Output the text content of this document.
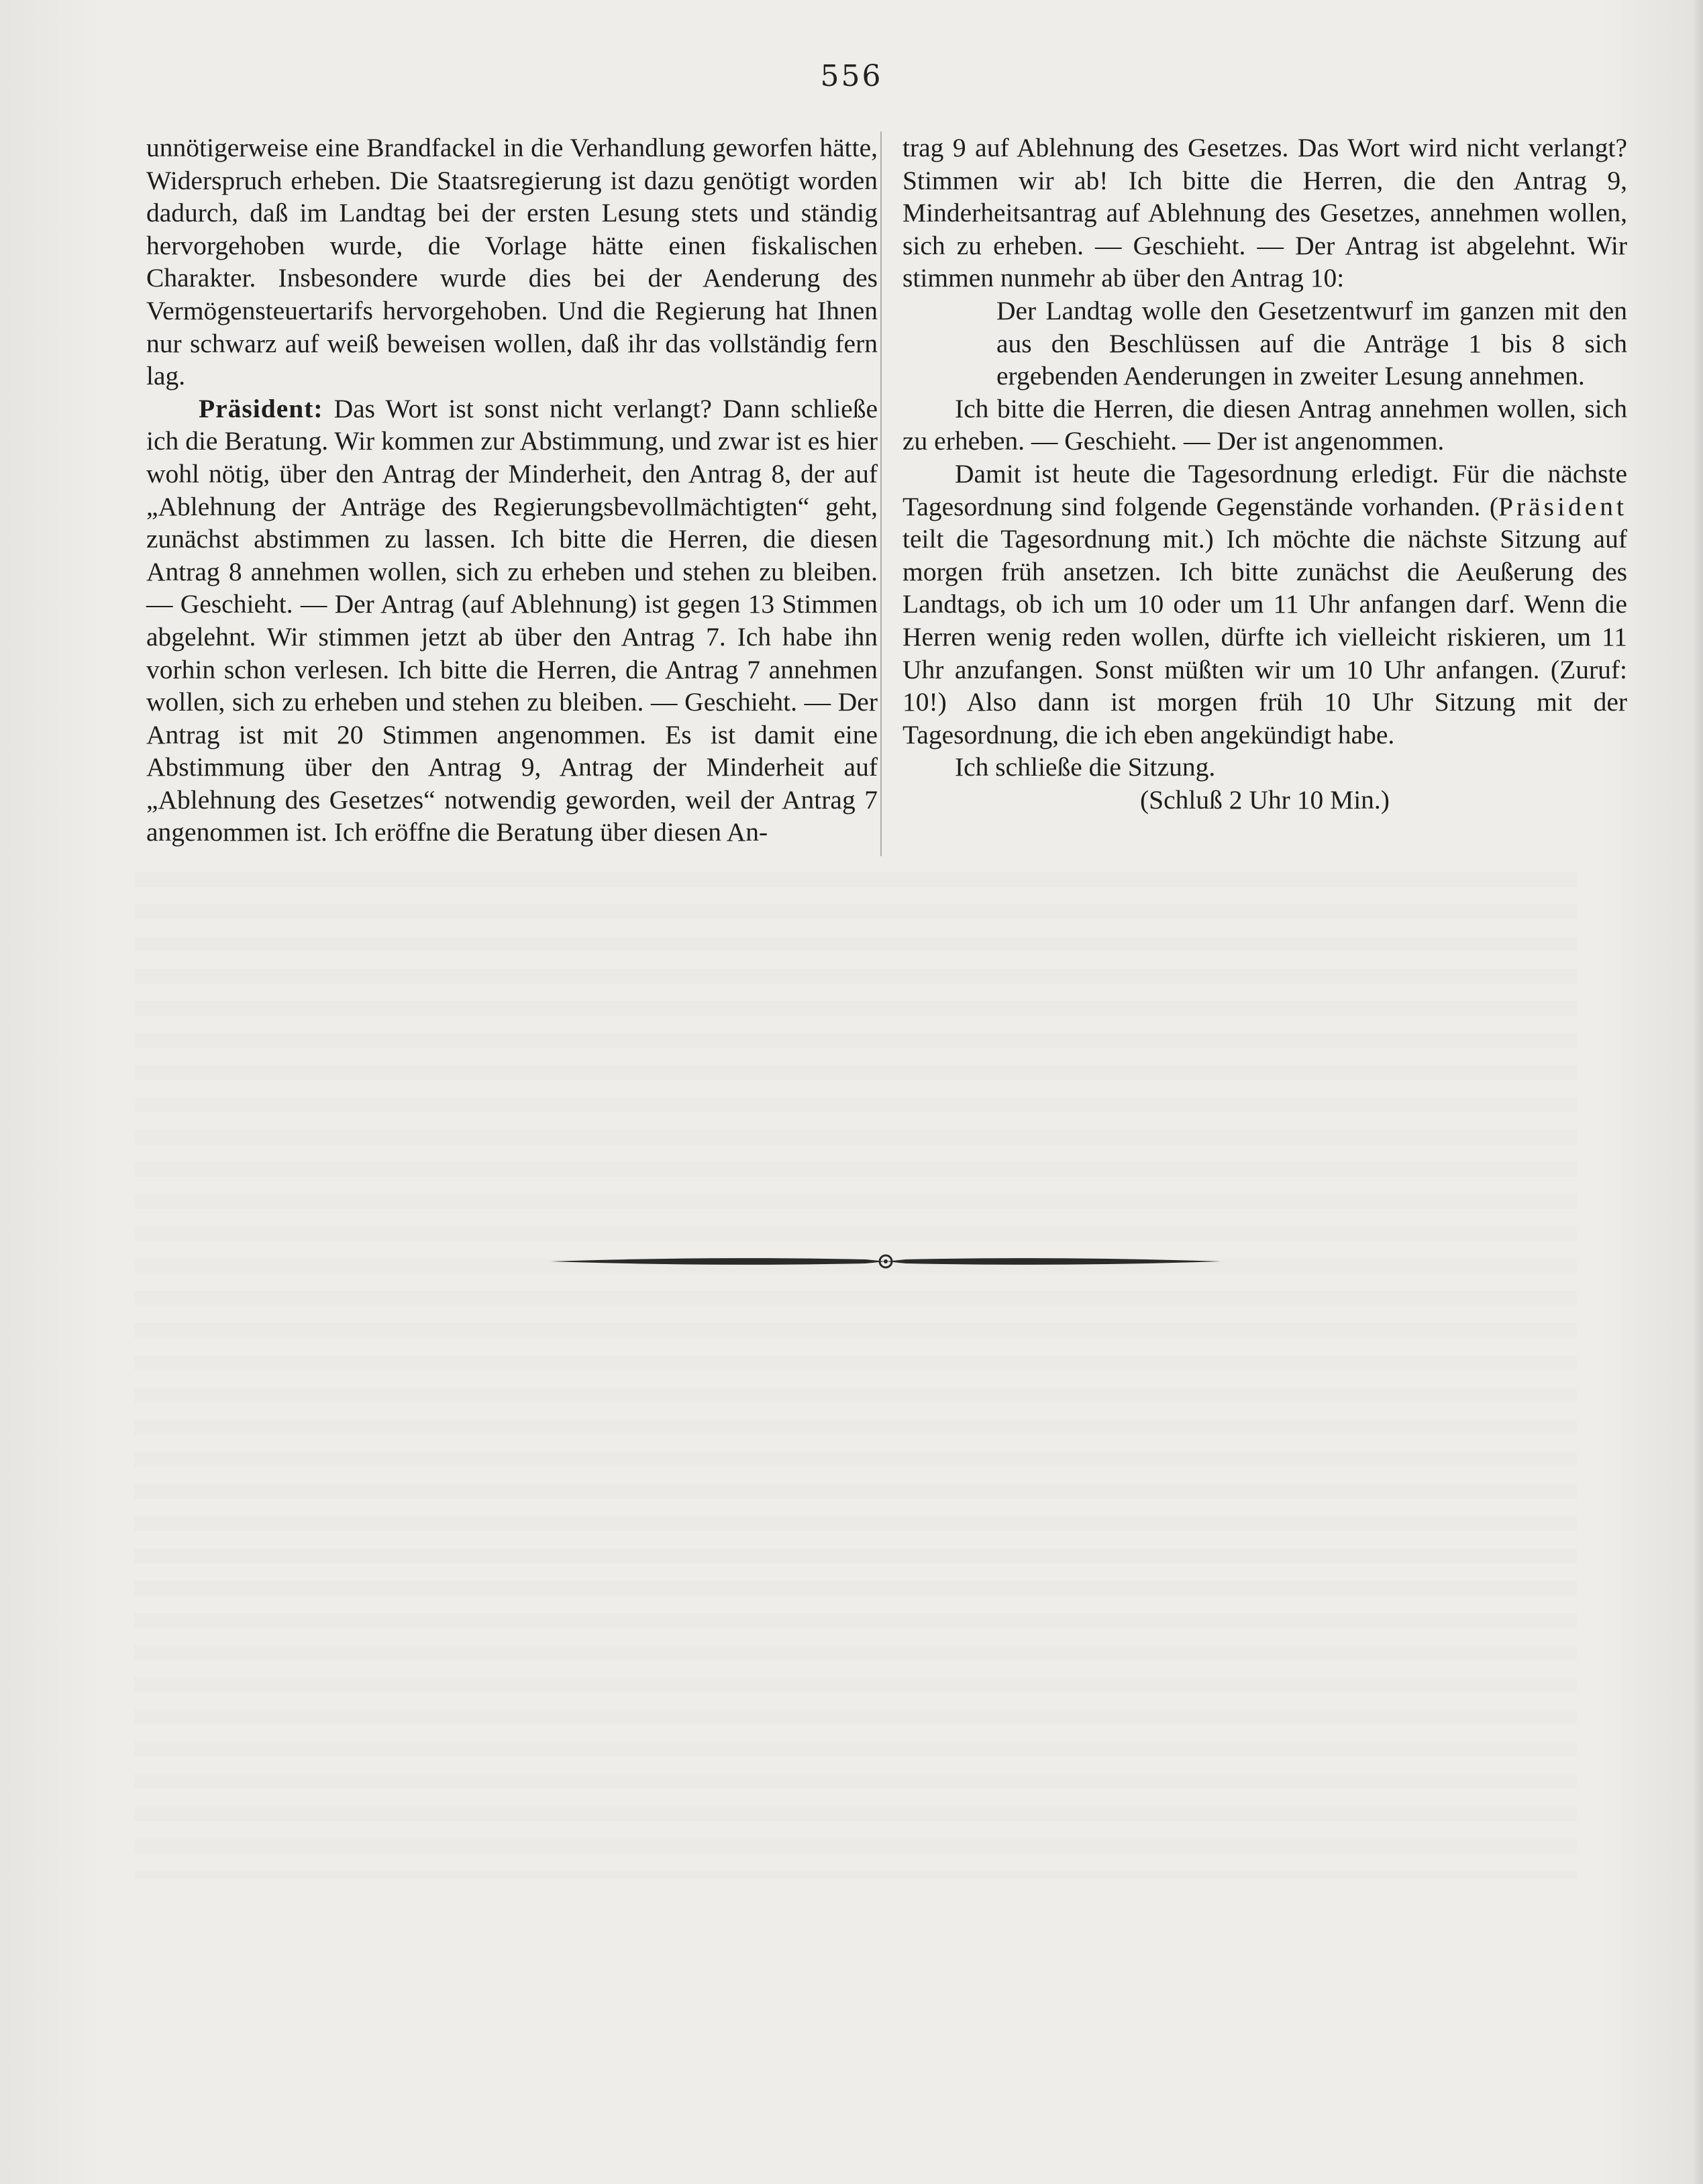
556

unnötigerweise eine Brandfackel in die Verhandlung geworfen hätte, Widerspruch erheben. Die Staatsregierung ist dazu genötigt worden dadurch, daß im Landtag bei der ersten Lesung stets und ständig hervorgehoben wurde, die Vorlage hätte einen fiskalischen Charakter. Insbesondere wurde dies bei der Aenderung des Vermögensteuertarifs hervorgehoben. Und die Regierung hat Ihnen nur schwarz auf weiß beweisen wollen, daß ihr das vollständig fern lag.

Präsident: Das Wort ist sonst nicht verlangt? Dann schließe ich die Beratung. Wir kommen zur Abstimmung, und zwar ist es hier wohl nötig, über den Antrag der Minderheit, den Antrag 8, der auf „Ablehnung der Anträge des Regierungsbevollmächtigten“ geht, zunächst abstimmen zu lassen. Ich bitte die Herren, die diesen Antrag 8 annehmen wollen, sich zu erheben und stehen zu bleiben. — Geschieht. — Der Antrag (auf Ablehnung) ist gegen 13 Stimmen abgelehnt. Wir stimmen jetzt ab über den Antrag 7. Ich habe ihn vorhin schon verlesen. Ich bitte die Herren, die Antrag 7 annehmen wollen, sich zu erheben und stehen zu bleiben. — Geschieht. — Der Antrag ist mit 20 Stimmen angenommen. Es ist damit eine Abstimmung über den Antrag 9, Antrag der Minderheit auf „Ablehnung des Gesetzes“ notwendig geworden, weil der Antrag 7 angenommen ist. Ich eröffne die Beratung über diesen An-

trag 9 auf Ablehnung des Gesetzes. Das Wort wird nicht verlangt? Stimmen wir ab! Ich bitte die Herren, die den Antrag 9, Minderheitsantrag auf Ablehnung des Gesetzes, annehmen wollen, sich zu erheben. — Geschieht. — Der Antrag ist abgelehnt. Wir stimmen nunmehr ab über den Antrag 10:

Der Landtag wolle den Gesetzentwurf im ganzen mit den aus den Beschlüssen auf die Anträge 1 bis 8 sich ergebenden Aenderungen in zweiter Lesung annehmen.

Ich bitte die Herren, die diesen Antrag annehmen wollen, sich zu erheben. — Geschieht. — Der ist angenommen.

Damit ist heute die Tagesordnung erledigt. Für die nächste Tagesordnung sind folgende Gegenstände vorhanden. (Präsident teilt die Tagesordnung mit.) Ich möchte die nächste Sitzung auf morgen früh ansetzen. Ich bitte zunächst die Aeußerung des Landtags, ob ich um 10 oder um 11 Uhr anfangen darf. Wenn die Herren wenig reden wollen, dürfte ich vielleicht riskieren, um 11 Uhr anzufangen. Sonst müßten wir um 10 Uhr anfangen. (Zuruf: 10!) Also dann ist morgen früh 10 Uhr Sitzung mit der Tagesordnung, die ich eben angekündigt habe.

Ich schließe die Sitzung.

(Schluß 2 Uhr 10 Min.)
